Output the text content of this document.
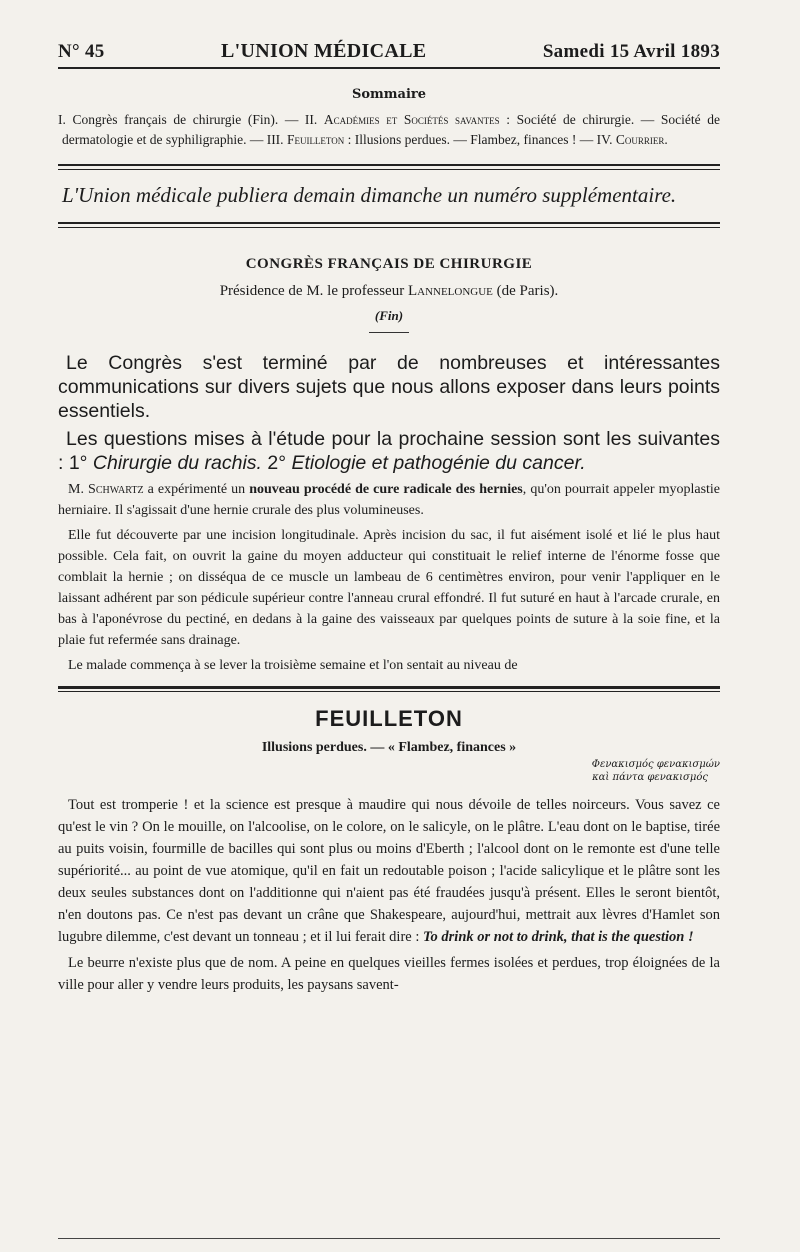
N° 45	L'UNION MÉDICALE	Samedi 15 Avril 1893
Sommaire

I. Congrès français de chirurgie (Fin). — II. Académies et Sociétés savantes : Société de chirurgie. — Société de dermatologie et de syphiligraphie. — III. Feuilleton : Illusions perdues. — Flambez, finances ! — IV. Courrier.

L'Union médicale publiera demain dimanche un numéro supplémentaire.

CONGRÈS FRANÇAIS DE CHIRURGIE

Présidence de M. le professeur Lannelongue (de Paris).

(Fin)

Le Congrès s'est terminé par de nombreuses et intéressantes communications sur divers sujets que nous allons exposer dans leurs points essentiels.

Les questions mises à l'étude pour la prochaine session sont les suivantes : 1° Chirurgie du rachis. 2° Etiologie et pathogénie du cancer.

M. Schwartz a expérimenté un nouveau procédé de cure radicale des hernies, qu'on pourrait appeler myoplastie herniaire. Il s'agissait d'une hernie crurale des plus volumineuses.

Elle fut découverte par une incision longitudinale. Après incision du sac, il fut aisément isolé et lié le plus haut possible. Cela fait, on ouvrit la gaine du moyen adducteur qui constituait le relief interne de l'énorme fosse que comblait la hernie ; on disséqua de ce muscle un lambeau de 6 centimètres environ, pour venir l'appliquer en le laissant adhérent par son pédicule supérieur contre l'anneau crural effondré. Il fut suturé en haut à l'arcade crurale, en bas à l'aponévrose du pectiné, en dedans à la gaine des vaisseaux par quelques points de suture à la soie fine, et la plaie fut refermée sans drainage.

Le malade commença à se lever la troisième semaine et l'on sentait au niveau de

FEUILLETON

Illusions perdues. — « Flambez, finances »

Φενακισμός φενακισμών
καὶ πάντα φενακισμός

Tout est tromperie ! et la science est presque à maudire qui nous dévoile de telles noirceurs. Vous savez ce qu'est le vin ? On le mouille, on l'alcoolise, on le colore, on le salicyle, on le plâtre. L'eau dont on le baptise, tirée au puits voisin, fourmille de bacilles qui sont plus ou moins d'Eberth ; l'alcool dont on le remonte est d'une telle supériorité... au point de vue atomique, qu'il en fait un redoutable poison ; l'acide salicylique et le plâtre sont les deux seules substances dont on l'additionne qui n'aient pas été fraudées jusqu'à présent. Elles le seront bientôt, n'en doutons pas. Ce n'est pas devant un crâne que Shakespeare, aujourd'hui, mettrait aux lèvres d'Hamlet son lugubre dilemme, c'est devant un tonneau ; et il lui ferait dire : To drink or not to drink, that is the question !

Le beurre n'existe plus que de nom. A peine en quelques vieilles fermes isolées et perdues, trop éloignées de la ville pour aller y vendre leurs produits, les paysans savent-
